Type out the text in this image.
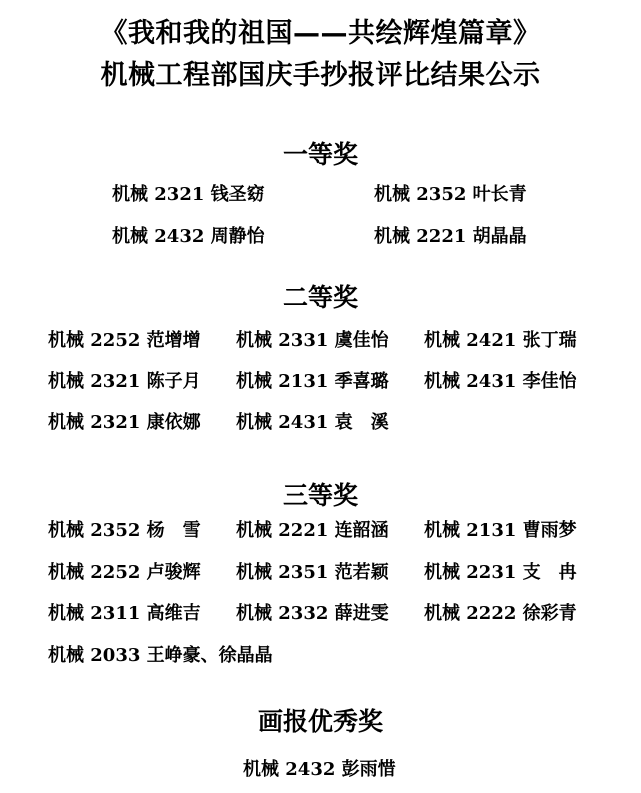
《我和我的祖国——共绘辉煌篇章》
机械工程部国庆手抄报评比结果公示
一等奖
机械 2321 钱圣窈	机械 2352 叶长青
机械 2432 周静怡	机械 2221 胡晶晶
二等奖
机械 2252 范增增 机械 2331 虞佳怡 机械 2421 张丁瑞
机械 2321 陈子月 机械 2131 季喜璐 机械 2431 李佳怡
机械 2321 康依娜 机械 2431 袁　溪
三等奖
机械 2352 杨　雪 机械 2221 连韶涵 机械 2131 曹雨梦
机械 2252 卢骏辉 机械 2351 范若颖 机械 2231 支　冉
机械 2311 高维吉 机械 2332 薛进雯 机械 2222 徐彩青
机械 2033 王峥豪、徐晶晶
画报优秀奖
机械 2432 彭雨惜
